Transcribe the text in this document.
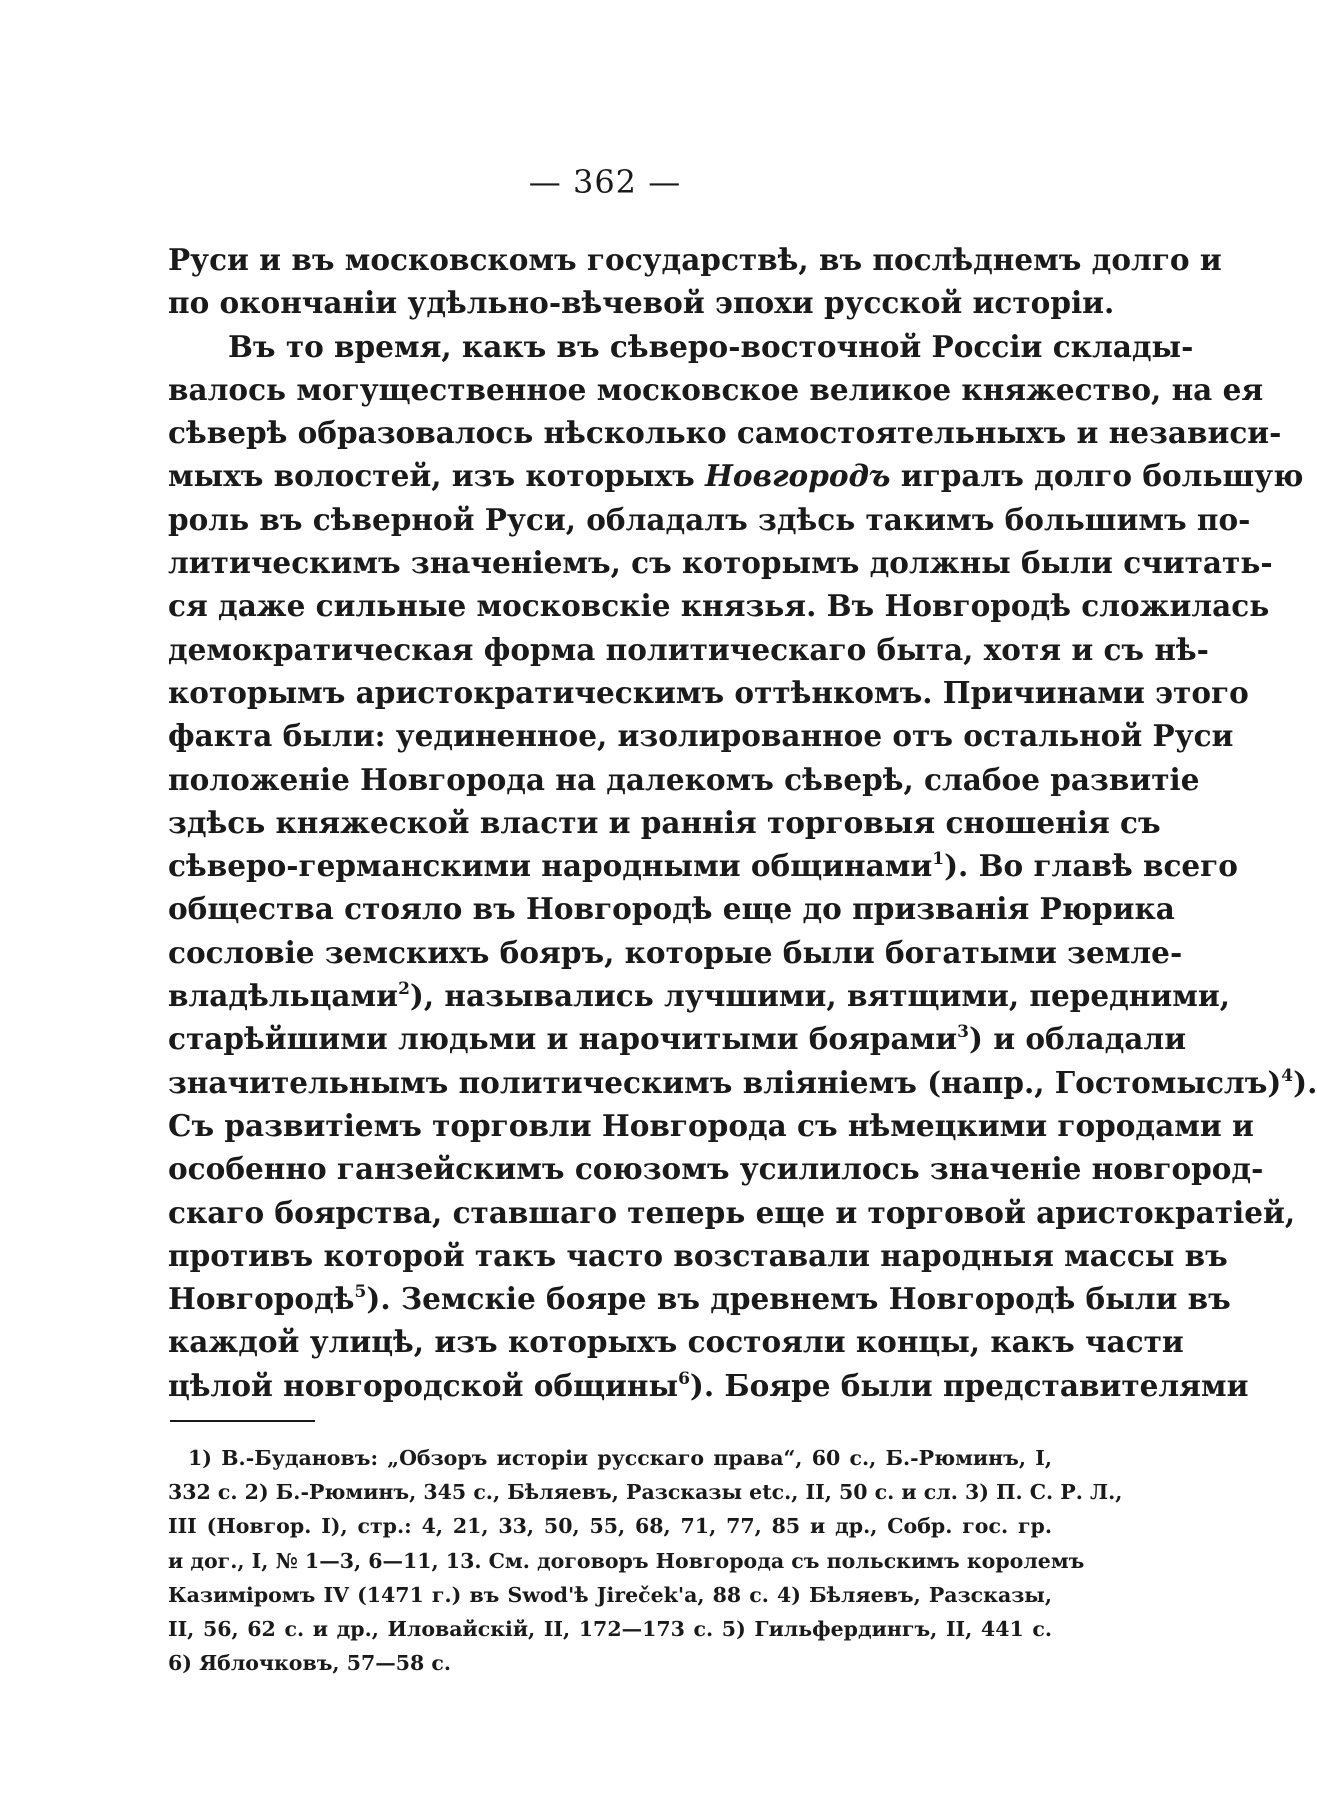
— 362 —
Руси и въ московскомъ государствѣ, въ послѣднемъ долго и
по окончаніи удѣльно-вѣчевой эпохи русской исторіи.
Въ то время, какъ въ сѣверо-восточной Россіи склады-
валось могущественное московское великое княжество, на ея
сѣверѣ образовалось нѣсколько самостоятельныхъ и независи-
мыхъ волостей, изъ которыхъ Новгородъ игралъ долго большую
роль въ сѣверной Руси, обладалъ здѣсь такимъ большимъ по-
литическимъ значеніемъ, съ которымъ должны были считать-
ся даже сильные московскіе князья. Въ Новгородѣ сложилась
демократическая форма политическаго быта, хотя и съ нѣ-
которымъ аристократическимъ оттѣнкомъ. Причинами этого
факта были: уединенное, изолированное отъ остальной Руси
положеніе Новгорода на далекомъ сѣверѣ, слабое развитіе
здѣсь княжеской власти и раннія торговыя сношенія съ
сѣверо-германскими народными общинами$^1$). Во главѣ всего
общества стояло въ Новгородѣ еще до призванія Рюрика
сословіе земскихъ бояръ, которые были богатыми земле-
владѣльцами$^2$), назывались лучшими, вятщими, передними,
старѣйшими людьми и нарочитыми боярами$^3$) и обладали
значительнымъ политическимъ вліяніемъ (напр., Гостомыслъ)$^4$).
Съ развитіемъ торговли Новгорода съ нѣмецкими городами и
особенно ганзейскимъ союзомъ усилилось значеніе новгород-
скаго боярства, ставшаго теперь еще и торговой аристократіей,
противъ которой такъ часто возставали народныя массы въ
Новгородѣ$^5$). Земскіе бояре въ древнемъ Новгородѣ были въ
каждой улицѣ, изъ которыхъ состояли концы, какъ части
цѣлой новгородской общины$^6$). Бояре были представителями
1) В.-Будановъ: „Обзоръ исторіи русскаго права“, 60 с., Б.-Рюминъ, I,
332 с. 2) Б.-Рюминъ, 345 с., Бѣляевъ, Разсказы etc., II, 50 с. и сл. 3) П. С. Р. Л.,
III (Новгор. I), стр.: 4, 21, 33, 50, 55, 68, 71, 77, 85 и др., Собр. гос. гр.
и дог., I, № 1—3, 6—11, 13. См. договоръ Новгорода съ польскимъ королемъ
Казиміромъ IV (1471 г.) въ Swod'ѣ Jireček'а, 88 с. 4) Бѣляевъ, Разсказы,
II, 56, 62 с. и др., Иловайскій, II, 172—173 с. 5) Гильфердингъ, II, 441 с.
6) Яблочковъ, 57—58 с.
